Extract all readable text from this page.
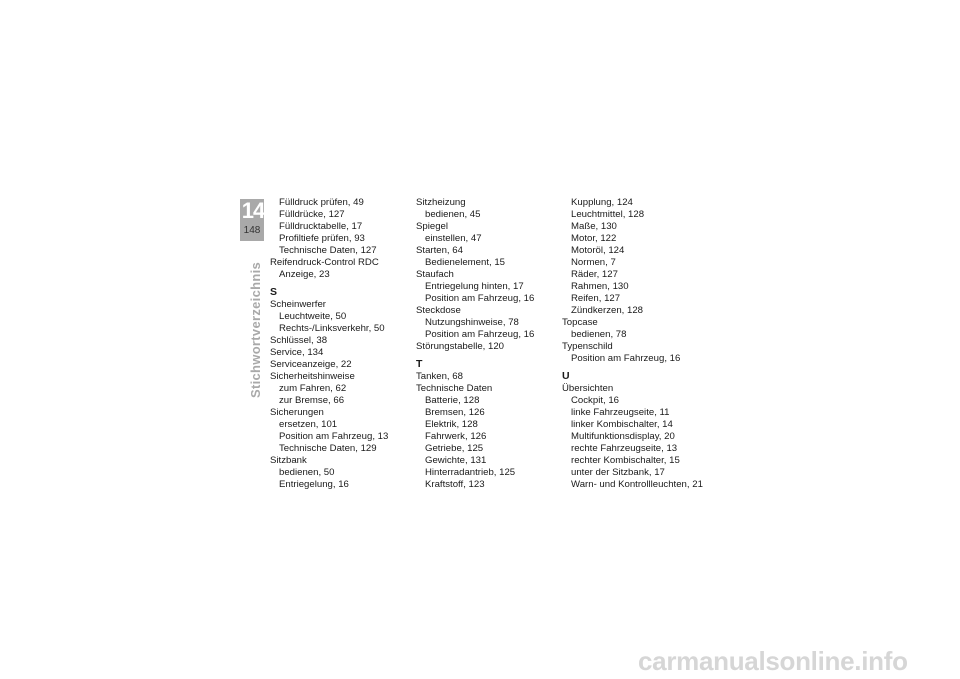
14
148
Stichwortverzeichnis
Fülldruck prüfen, 49
Fülldrücke, 127
Fülldrucktabelle, 17
Profiltiefe prüfen, 93
Technische Daten, 127
Reifendruck-Control RDC
Anzeige, 23
S
Scheinwerfer
Leuchtweite, 50
Rechts-/Linksverkehr, 50
Schlüssel, 38
Service, 134
Serviceanzeige, 22
Sicherheitshinweise
zum Fahren, 62
zur Bremse, 66
Sicherungen
ersetzen, 101
Position am Fahrzeug, 13
Technische Daten, 129
Sitzbank
bedienen, 50
Entriegelung, 16
Sitzheizung
bedienen, 45
Spiegel
einstellen, 47
Starten, 64
Bedienelement, 15
Staufach
Entriegelung hinten, 17
Position am Fahrzeug, 16
Steckdose
Nutzungshinweise, 78
Position am Fahrzeug, 16
Störungstabelle, 120
T
Tanken, 68
Technische Daten
Batterie, 128
Bremsen, 126
Elektrik, 128
Fahrwerk, 126
Getriebe, 125
Gewichte, 131
Hinterradantrieb, 125
Kraftstoff, 123
Kupplung, 124
Leuchtmittel, 128
Maße, 130
Motor, 122
Motoröl, 124
Normen, 7
Räder, 127
Rahmen, 130
Reifen, 127
Zündkerzen, 128
Topcase
bedienen, 78
Typenschild
Position am Fahrzeug, 16
U
Übersichten
Cockpit, 16
linke Fahrzeugseite, 11
linker Kombischalter, 14
Multifunktionsdisplay, 20
rechte Fahrzeugseite, 13
rechter Kombischalter, 15
unter der Sitzbank, 17
Warn- und Kontrollleuchten, 21
carmanualsonline.info
